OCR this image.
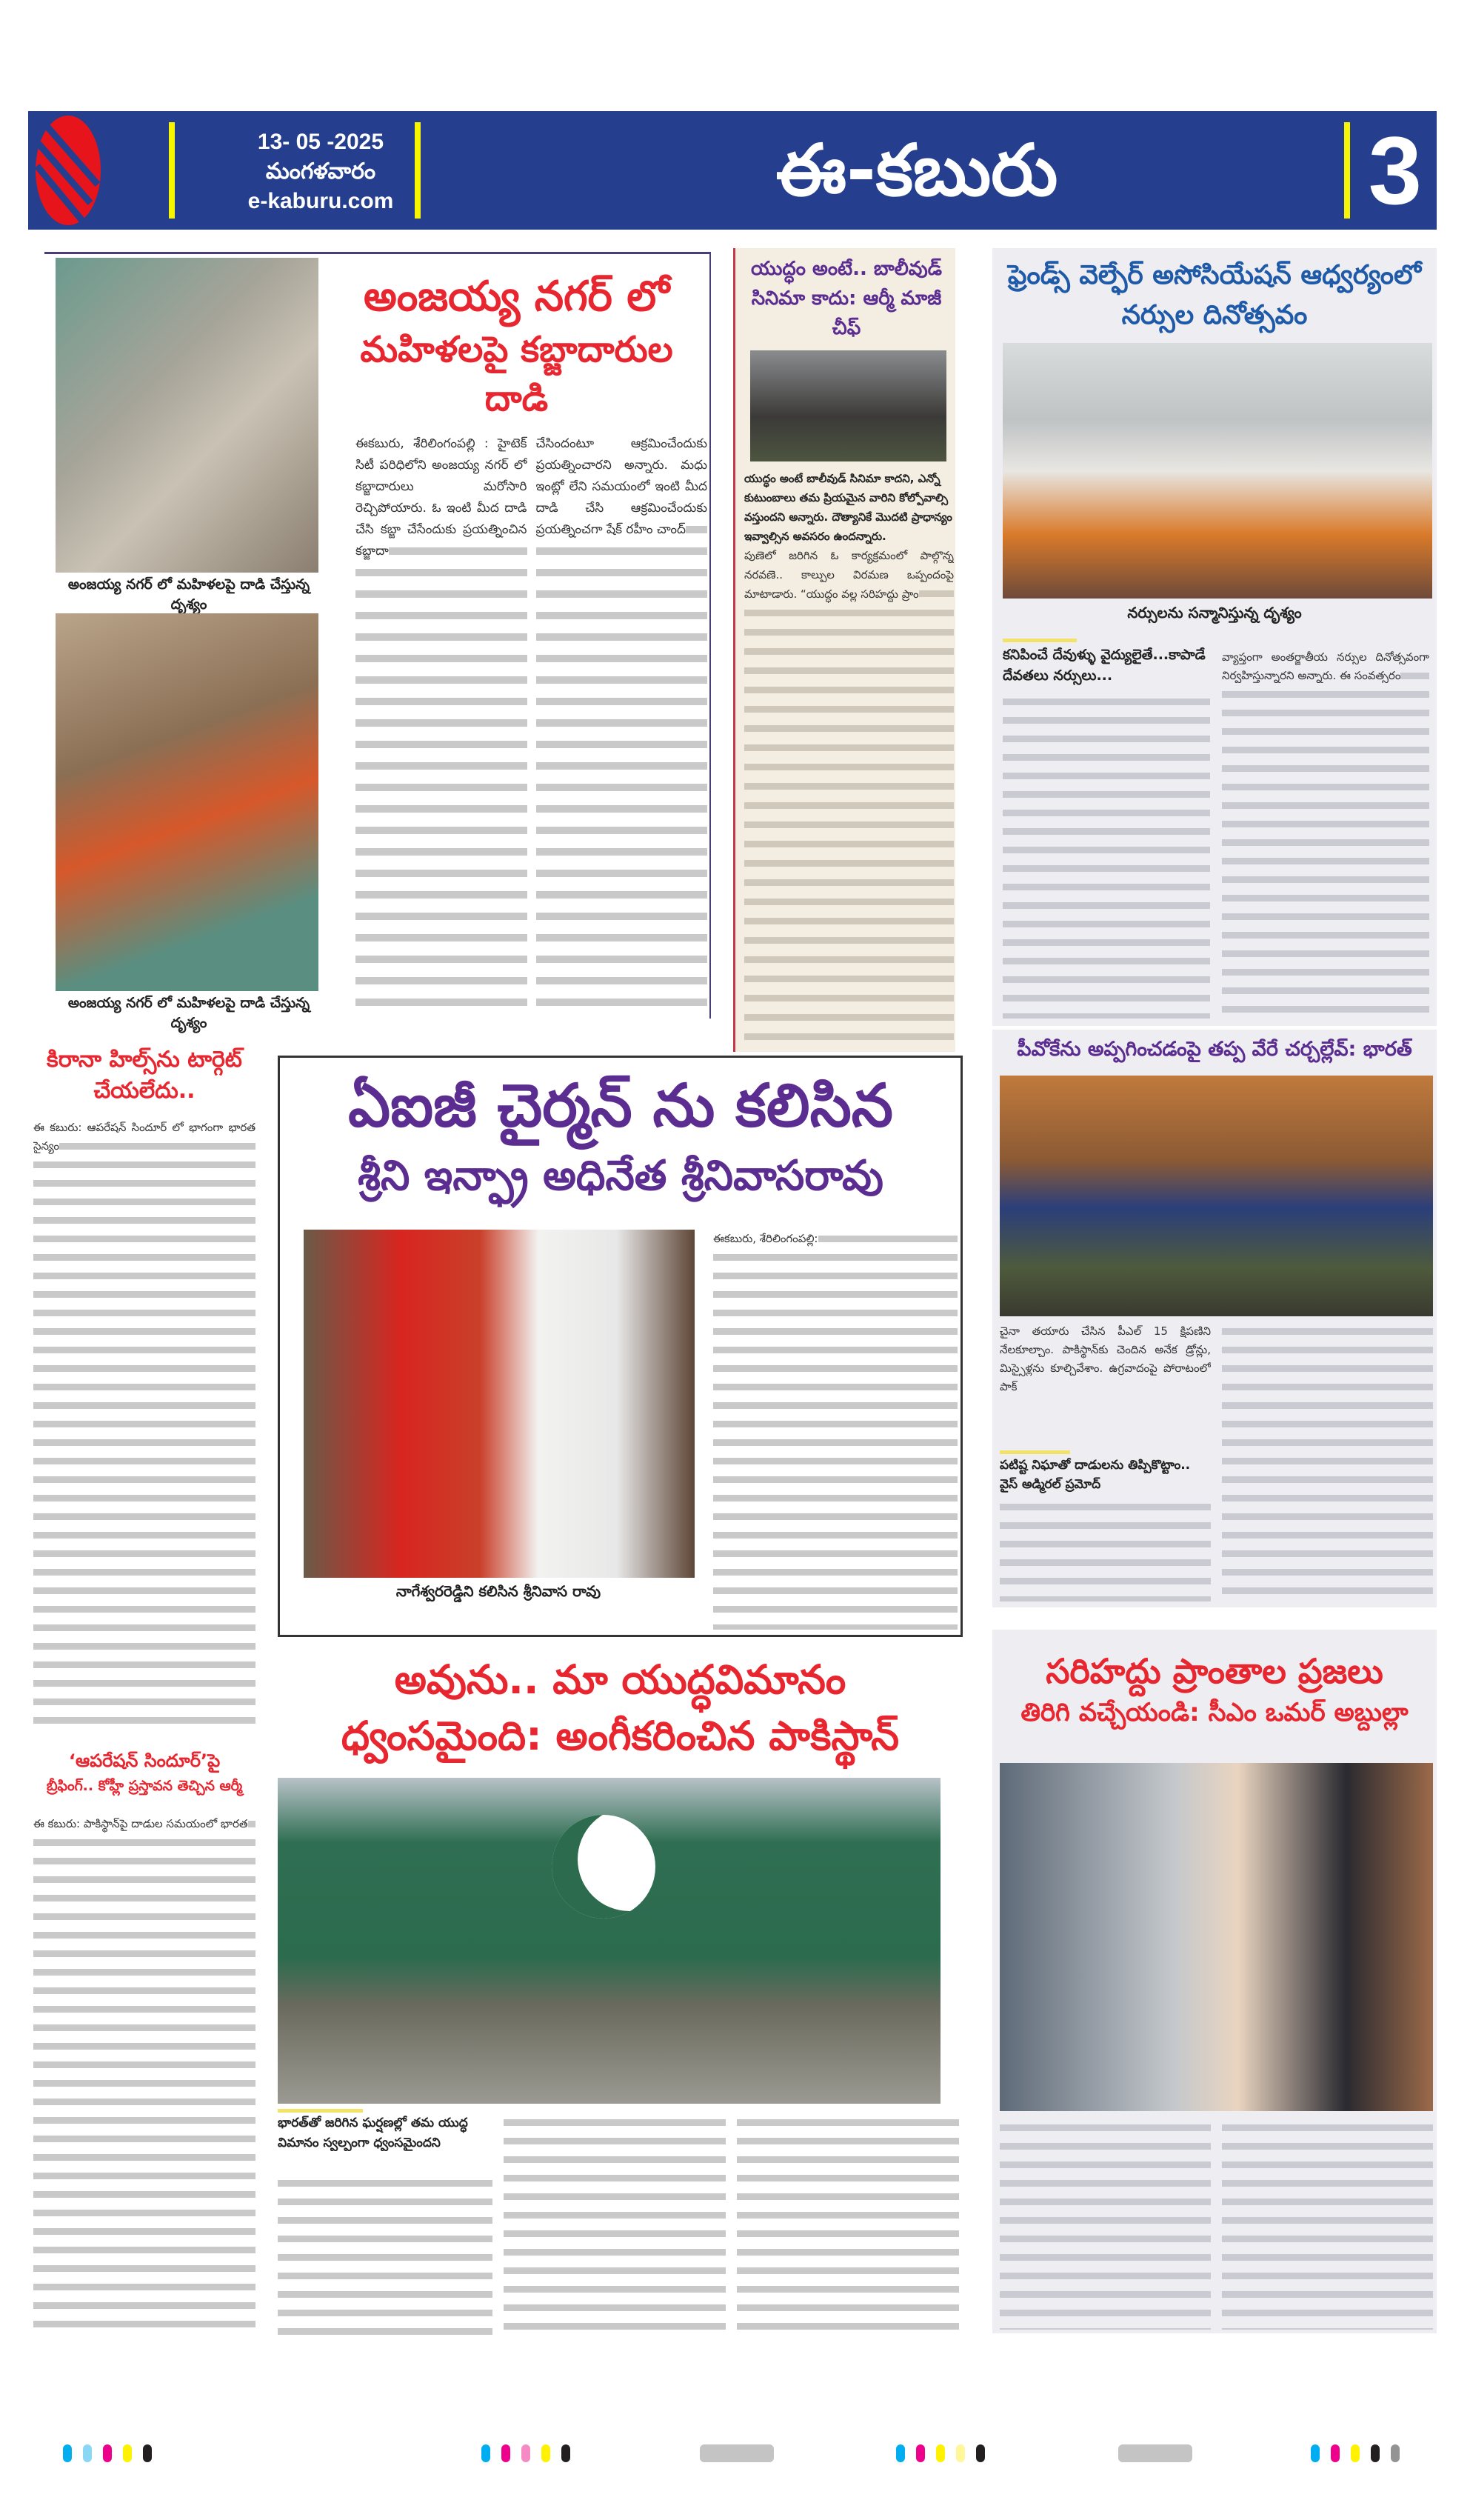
13- 05 -2025
మంగళవారం
e-kaburu.com	ఈ-కబురు	3
అంజయ్య నగర్ లో మహిళలపై దాడి చేస్తున్న దృశ్యం
అంజయ్య నగర్ లో మహిళలపై దాడి చేస్తున్న దృశ్యం
అంజయ్య నగర్ లో
మహిళలపై కబ్జాదారుల దాడి

ఈకబురు, శేరిలింగంపల్లి : హైటెక్ సిటీ పరిధిలోని అంజయ్య నగర్ లో కబ్జాదారులు మరోసారి రెచ్చిపోయారు. ఓ ఇంటి మీద దాడి చేసి కబ్జా చేసేందుకు ప్రయత్నించిన కబ్జాదా

చేసిందంటూ ఆక్రమించేందుకు ప్రయత్నించారని అన్నారు. మధు ఇంట్లో లేని సమయంలో ఇంటి మీద దాడి చేసి ఆక్రమించేందుకు ప్రయత్నించగా షేక్ రహీం చాంద్

యుద్ధం అంటే.. బాలీవుడ్ సినిమా కాదు: ఆర్మీ మాజీ చీఫ్
యుద్ధం అంటే బాలీవుడ్ సినిమా కాదని, ఎన్నో కుటుంబాలు తమ ప్రియమైన వారిని కోల్పోవాల్సి వస్తుందని అన్నారు. దౌత్యానికే మొదటి ప్రాధాన్యం ఇవ్వాల్సిన అవసరం ఉందన్నారు.

పుణెలో జరిగిన ఓ కార్యక్రమంలో పాల్గొన్న నరవణె.. కాల్పుల విరమణ ఒప్పందంపై మాటాడారు. “యుద్ధం వల్ల సరిహద్దు ప్రాం

ఫ్రెండ్స్ వెల్ఫేర్ అసోసియేషన్ ఆధ్వర్యంలో నర్సుల దినోత్సవం
నర్సులను సన్మానిస్తున్న దృశ్యం
కనిపించే దేవుళ్ళు వైద్యులైతే...కాపాడే దేవతలు నర్సులు...

వ్యాప్తంగా అంతర్జాతీయ నర్సుల దినోత్సవంగా నిర్వహిస్తున్నారని అన్నారు. ఈ సంవత్సరం

కిరానా హిల్స్‌ను టార్గెట్ చేయలేదు..

ఈ కబురు: ఆపరేషన్ సిందూర్ లో భాగంగా భారత సైన్యం

‘ఆపరేషన్ సిందూర్’పై
బ్రీఫింగ్.. కోహ్లీ ప్రస్తావన తెచ్చిన ఆర్మీ

ఈ కబురు: పాకిస్థాన్‌పై దాడుల సమయంలో భారత

ఏఐజీ చైర్మన్ ను కలిసిన
శ్రీని ఇన్ఫ్రా అధినేత శ్రీనివాసరావు
నాగేశ్వరరెడ్డిని కలిసిన శ్రీనివాస రావు

ఈకబురు, శేరిలింగంపల్లి:

పీవోకేను అప్పగించడంపై తప్ప వేరే చర్చల్లేవ్: భారత్

చైనా తయారు చేసిన పీఎల్ 15 క్షిపణిని నేలకూల్చాం. పాకిస్థాన్‌కు చెందిన అనేక డ్రోన్లు, మిస్సైళ్లను కూల్చివేశాం. ఉగ్రవాదంపై పోరాటంలో పాక్

పటిష్ట నిఘాతో దాడులను తిప్పికొట్టాం.. వైస్ అడ్మిరల్ ప్రమోద్
అవును.. మా యుద్ధవిమానం
ధ్వంసమైంది: అంగీకరించిన పాకిస్థాన్
భారత్‌తో జరిగిన ఘర్షణల్లో తమ యుద్ధ విమానం స్వల్పంగా ధ్వంసమైందని
సరిహద్దు ప్రాంతాల ప్రజలు
తిరిగి వచ్చేయండి: సీఎం ఒమర్ అబ్దుల్లా
